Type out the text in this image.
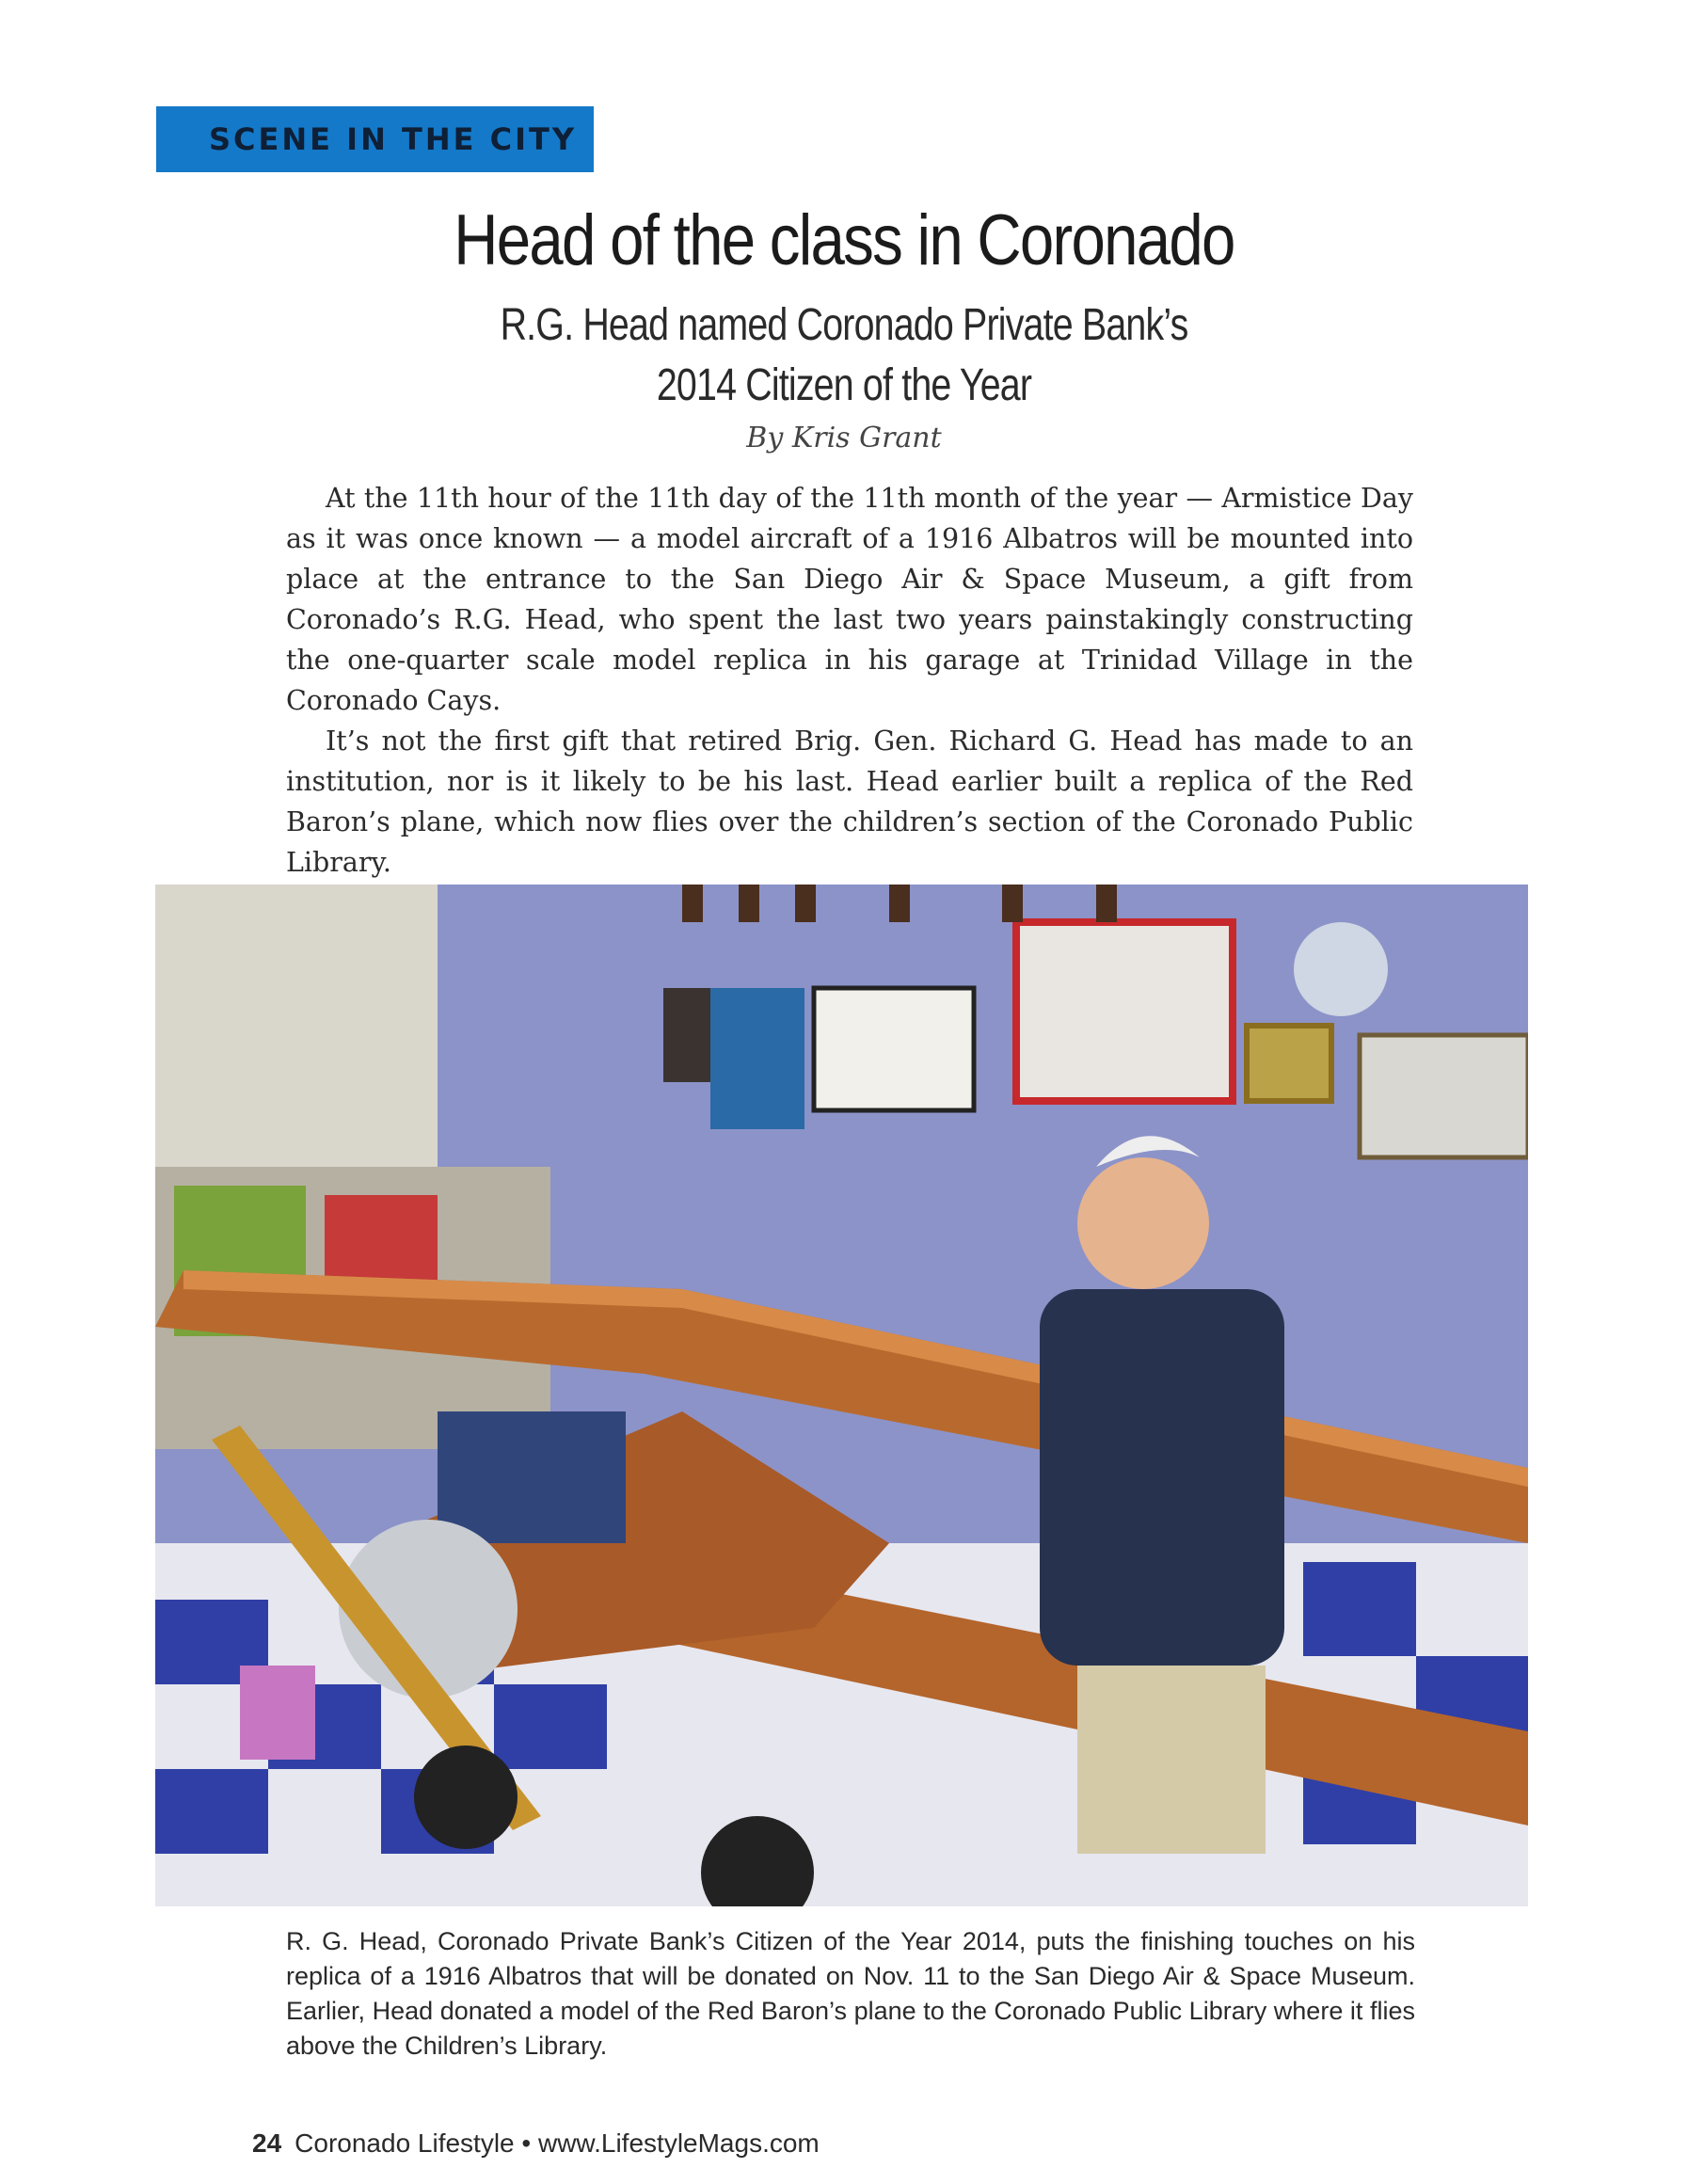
SCENE IN THE CITY
Head of the class in Coronado
R.G. Head named Coronado Private Bank’s
2014 Citizen of the Year
By Kris Grant

At the 11th hour of the 11th day of the 11th month of the year — Armistice Day as it was once known — a model aircraft of a 1916 Albatros will be mounted into place at the entrance to the San Diego Air & Space Museum, a gift from Coronado’s R.G. Head, who spent the last two years painstakingly constructing the one-quarter scale model replica in his garage at Trinidad Village in the Coronado Cays.

It’s not the first gift that retired Brig. Gen. Richard G. Head has made to an institution, nor is it likely to be his last. Head earlier built a replica of the Red Baron’s plane, which now flies over the children’s section of the Coronado Public Library.

R. G. Head, Coronado Private Bank’s Citizen of the Year 2014, puts the finishing touches on his replica of a 1916 Albatros that will be donated on Nov. 11 to the San Diego Air & Space Museum. Earlier, Head donated a model of the Red Baron’s plane to the Coronado Public Library where it flies above the Children’s Library.
24 Coronado Lifestyle • www.LifestyleMags.com
